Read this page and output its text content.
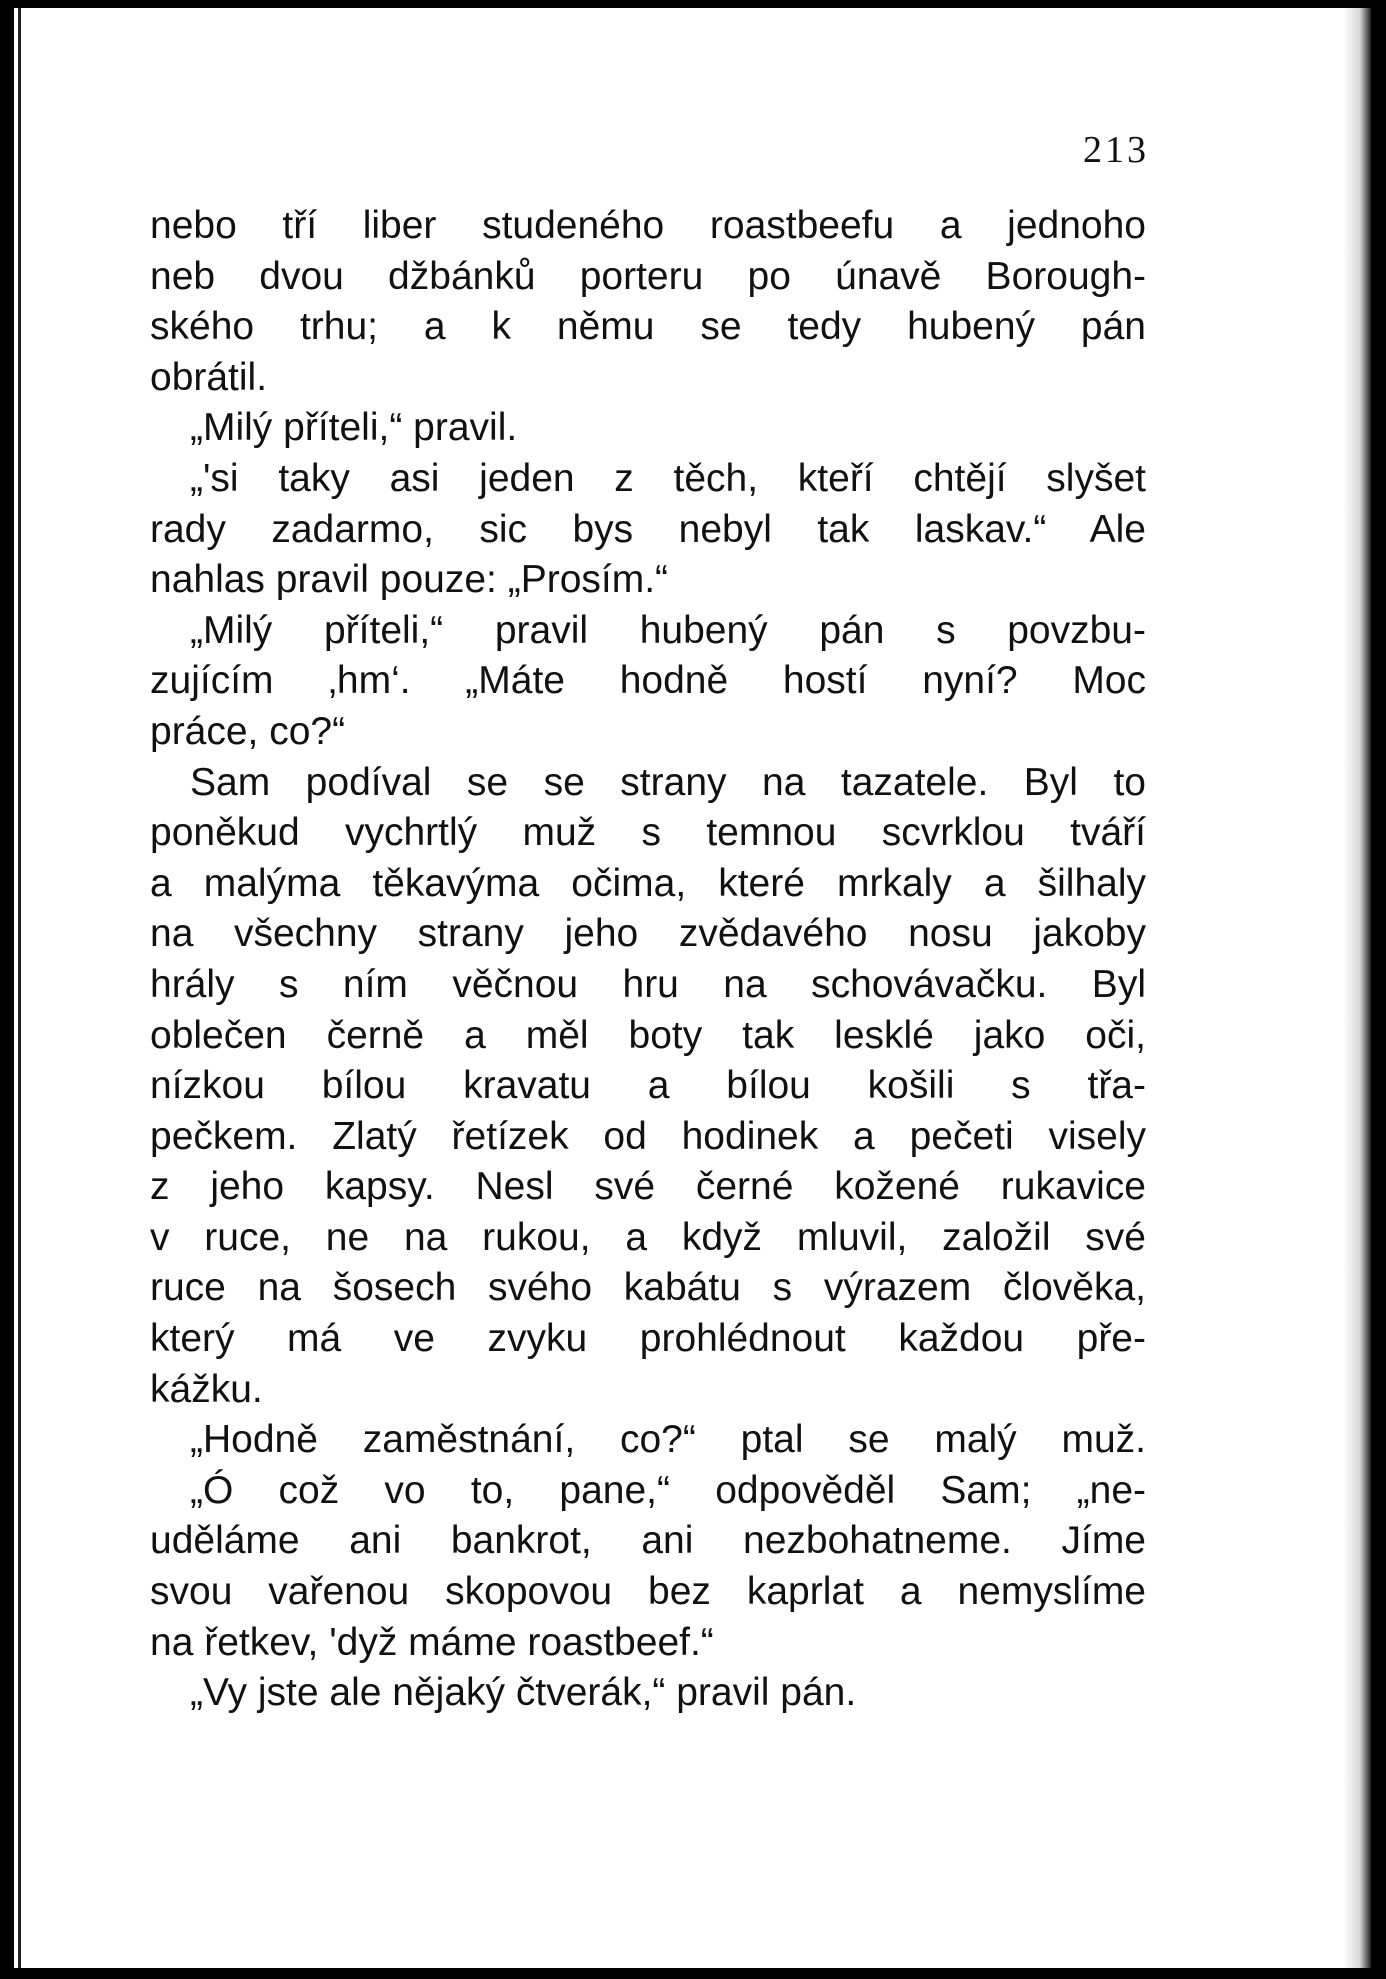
213
nebo tří liber studeného roastbeefu a jednoho
neb dvou džbánků porteru po únavě Borough-
ského trhu; a k němu se tedy hubený pán
obrátil.
„Milý příteli,“ pravil.
„'si taky asi jeden z těch, kteří chtějí slyšet
rady zadarmo, sic bys nebyl tak laskav.“ Ale
nahlas pravil pouze: „Prosím.“
„Milý příteli,“ pravil hubený pán s povzbu-
zujícím ‚hm‘. „Máte hodně hostí nyní? Moc
práce, co?“
Sam podíval se se strany na tazatele. Byl to
poněkud vychrtlý muž s temnou scvrklou tváří
a malýma těkavýma očima, které mrkaly a šilhaly
na všechny strany jeho zvědavého nosu jakoby
hrály s ním věčnou hru na schovávačku. Byl
oblečen černě a měl boty tak lesklé jako oči,
nízkou bílou kravatu a bílou košili s třa-
pečkem. Zlatý řetízek od hodinek a pečeti visely
z jeho kapsy. Nesl své černé kožené rukavice
v ruce, ne na rukou, a když mluvil, založil své
ruce na šosech svého kabátu s výrazem člověka,
který má ve zvyku prohlédnout každou pře-
kážku.
„Hodně zaměstnání, co?“ ptal se malý muž.
„Ó což vo to, pane,“ odpověděl Sam; „ne-
uděláme ani bankrot, ani nezbohatneme. Jíme
svou vařenou skopovou bez kaprlat a nemyslíme
na řetkev, 'dyž máme roastbeef.“
„Vy jste ale nějaký čtverák,“ pravil pán.
